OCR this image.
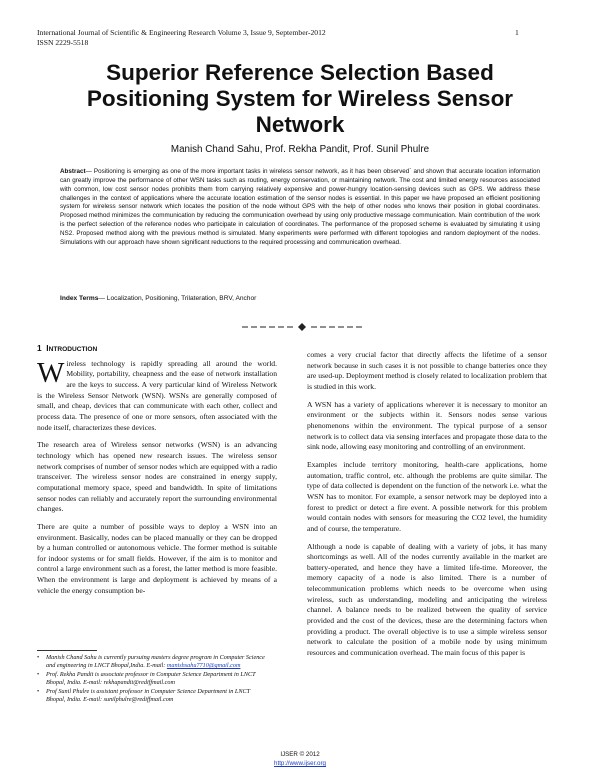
International Journal of Scientific & Engineering Research Volume 3, Issue 9, September-2012
ISSN 2229-5518
1
Superior Reference Selection Based
Positioning System for Wireless Sensor
Network
Manish Chand Sahu, Prof. Rekha Pandit, Prof. Sunil Phulre
Abstract— Positioning is emerging as one of the more important tasks in wireless sensor network, as it has been observed` and shown that accurate location information can greatly improve the performance of other WSN tasks such as routing, energy conservation, or maintaining network. The cost and limited energy resources associated with common, low cost sensor nodes prohibits them from carrying relatively expensive and power-hungry location-sensing devices such as GPS. We address these challenges in the context of applications where the accurate location estimation of the sensor nodes is essential. In this paper we have proposed an efficient positioning system for wireless sensor network which locates the position of the node without GPS with the help of other nodes who knows their position in global coordinates. Proposed method minimizes the communication by reducing the communication overhead by using only productive message communication. Main contribution of the work is the perfect selection of the reference nodes who participate in calculation of coordinates. The performance of the proposed scheme is evaluated by simulating it using NS2. Proposed method along with the previous method is simulated. Many experiments were performed with different topologies and random deployment of the nodes. Simulations with our approach have shown significant reductions to the required processing and communication overhead.
Index Terms— Localization, Positioning, Trilateration, BRV, Anchor
1 INTRODUCTION

Wireless technology is rapidly spreading all around the world. Mobility, portability, cheapness and the ease of network installation are the keys to success. A very particular kind of Wireless Network is the Wireless Sensor Network (WSN). WSNs are generally composed of small, and cheap, devices that can communicate with each other, collect and process data. The presence of one or more sensors, often associated with the node itself, characterizes these devices.

The research area of Wireless sensor networks (WSN) is an advancing technology which has opened new research issues. The wireless sensor network comprises of number of sensor nodes which are equipped with a radio transceiver. The wireless sensor nodes are constrained in energy supply, computational memory space, speed and bandwidth. In spite of limitations sensor nodes can reliably and accurately report the surrounding environmental changes.

There are quite a number of possible ways to deploy a WSN into an environment. Basically, nodes can be placed manually or they can be dropped by a human controlled or autonomous vehicle. The former method is suitable for indoor systems or for small fields. However, if the aim is to monitor and control a large environment such as a forest, the latter method is more feasible. When the environment is large and deployment is achieved by means of a vehicle the energy consumption be-

comes a very crucial factor that directly affects the lifetime of a sensor network because in such cases it is not possible to change batteries once they are used-up. Deployment method is closely related to localization problem that is studied in this work.

A WSN has a variety of applications wherever it is necessary to monitor an environment or the subjects within it. Sensors nodes sense various phenomenons within the environment. The typical purpose of a sensor network is to collect data via sensing interfaces and propagate those data to the sink node, allowing easy monitoring and controlling of an environment.

Examples include territory monitoring, health-care applications, home automation, traffic control, etc. although the problems are quite similar. The type of data collected is dependent on the function of the network i.e. what the WSN has to monitor. For example, a sensor network may be deployed into a forest to predict or detect a fire event. A possible network for this problem would contain nodes with sensors for measuring the CO2 level, the humidity and of course, the temperature.

Although a node is capable of dealing with a variety of jobs, it has many shortcomings as well. All of the nodes currently available in the market are battery-operated, and hence they have a limited life-time. Moreover, the memory capacity of a node is also limited. There is a number of telecommunication problems which needs to be overcome when using wireless, such as understanding, modeling and anticipating the wireless channel. A balance needs to be realized between the quality of service provided and the cost of the devices, these are the determining factors when providing a product. The overall objective is to use a simple wireless sensor network to calculate the position of a mobile node by using minimum resources and communication overhead. The main focus of this paper is

• Manish Chand Sahu is currently pursuing masters degree program in Computer Science and engineering in LNCT Bhopal,India. E-mail: manishsahu7710@gmail.com
• Prof. Rekha Pandit is associate professor in Computer Science Department in LNCT Bhopal, India. E-mail: rekhapandit@rediffmail.com
• Prof Sunil Phulre is assistant professor in Computer Science Department in LNCT Bhopal, India. E-mail: sunilphulre@rediffmail.com
IJSER © 2012
http://www.ijser.org
